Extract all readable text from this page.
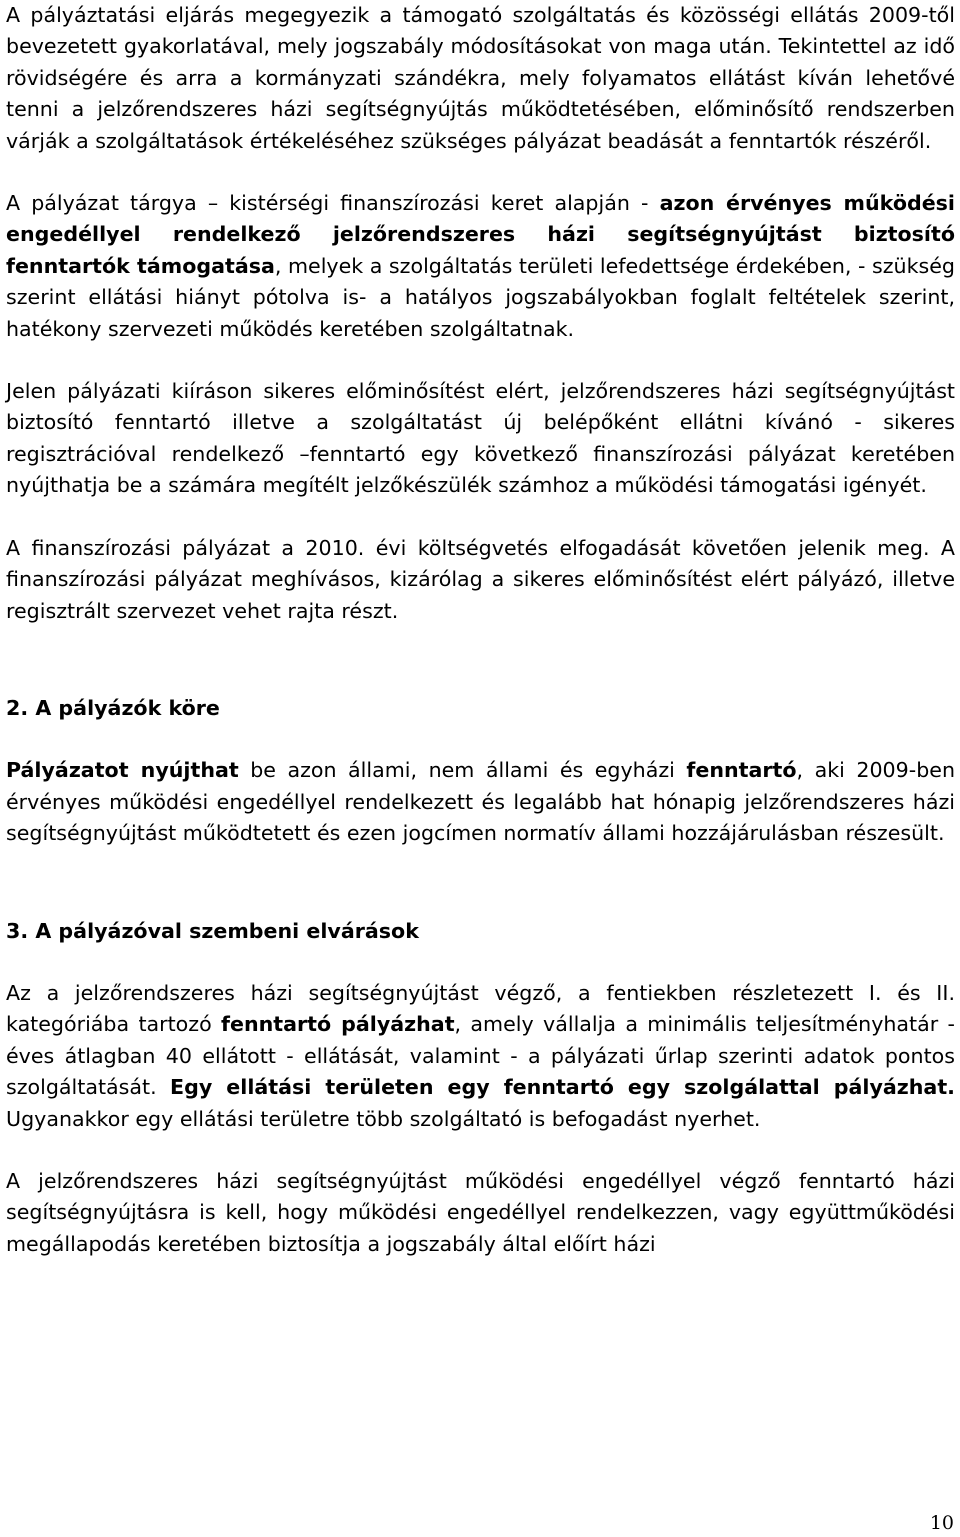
A pályáztatási eljárás megegyezik a támogató szolgáltatás és közösségi ellátás 2009-től bevezetett gyakorlatával, mely jogszabály módosításokat von maga után. Tekintettel az idő rövidségére és arra a kormányzati szándékra, mely folyamatos ellátást kíván lehetővé tenni a jelzőrendszeres házi segítségnyújtás működtetésében, előminősítő rendszerben várják a szolgáltatások értékeléséhez szükséges pályázat beadását a fenntartók részéről.

A pályázat tárgya – kistérségi finanszírozási keret alapján - azon érvényes működési engedéllyel rendelkező jelzőrendszeres házi segítségnyújtást biztosító fenntartók támogatása, melyek a szolgáltatás területi lefedettsége érdekében, - szükség szerint ellátási hiányt pótolva is- a hatályos jogszabályokban foglalt feltételek szerint, hatékony szervezeti működés keretében szolgáltatnak.

Jelen pályázati kiíráson sikeres előminősítést elért, jelzőrendszeres házi segítségnyújtást biztosító fenntartó illetve a szolgáltatást új belépőként ellátni kívánó - sikeres regisztrációval rendelkező –fenntartó egy következő finanszírozási pályázat keretében nyújthatja be a számára megítélt jelzőkészülék számhoz a működési támogatási igényét.

A finanszírozási pályázat a 2010. évi költségvetés elfogadását követően jelenik meg. A finanszírozási pályázat meghívásos, kizárólag a sikeres előminősítést elért pályázó, illetve regisztrált szervezet vehet rajta részt.

2. A pályázók köre

Pályázatot nyújthat be azon állami, nem állami és egyházi fenntartó, aki 2009-ben érvényes működési engedéllyel rendelkezett és legalább hat hónapig jelzőrendszeres házi segítségnyújtást működtetett és ezen jogcímen normatív állami hozzájárulásban részesült.

3. A pályázóval szembeni elvárások

Az a jelzőrendszeres házi segítségnyújtást végző, a fentiekben részletezett I. és II. kategóriába tartozó fenntartó pályázhat, amely vállalja a minimális teljesítményhatár - éves átlagban 40 ellátott - ellátását, valamint - a pályázati űrlap szerinti adatok pontos szolgáltatását. Egy ellátási területen egy fenntartó egy szolgálattal pályázhat. Ugyanakkor egy ellátási területre több szolgáltató is befogadást nyerhet.

A jelzőrendszeres házi segítségnyújtást működési engedéllyel végző fenntartó házi segítségnyújtásra is kell, hogy működési engedéllyel rendelkezzen, vagy együttműködési megállapodás keretében biztosítja a jogszabály által előírt házi

10
